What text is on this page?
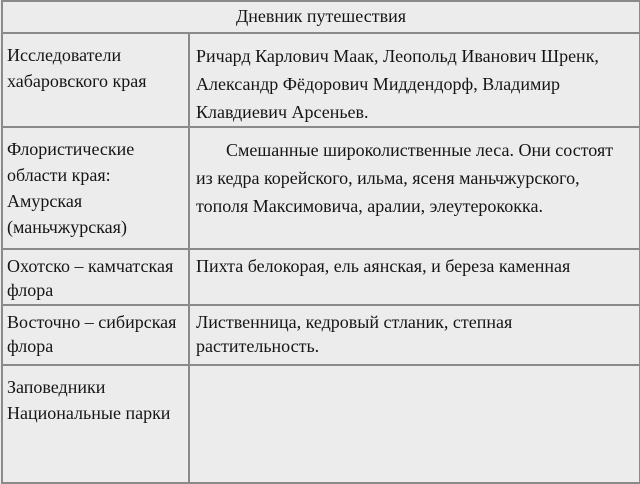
Дневник путешествия	
Исследователи хабаровского края	Ричард Карлович Маак, Леопольд Иванович Шренк, Александр Фёдорович Миддендорф, Владимир Клавдиевич Арсеньев.
Флористические области края: Амурская (маньчжурская)	Смешанные широколиственные леса. Они состоят из кедра корейского, ильма, ясеня маньчжурского, тополя Максимовича, аралии, элеутерококка.
Охотско – камчатская флора	Пихта белокорая, ель аянская, и береза каменная
Восточно – сибирская флора	Лиственница, кедровый стланик, степная растительность.
Заповедники Национальные парки	
